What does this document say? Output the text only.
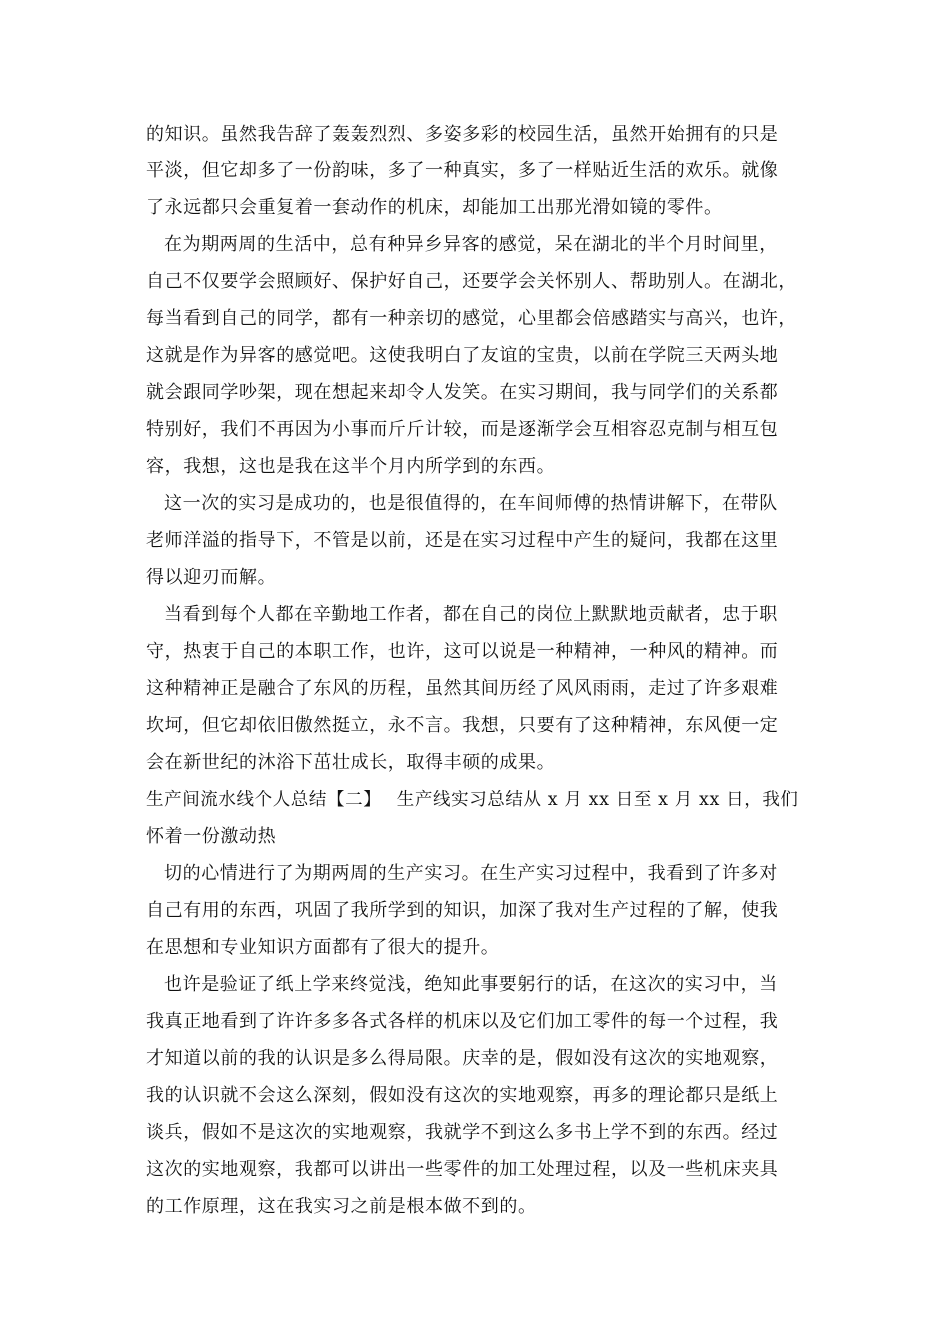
的知识。虽然我告辞了轰轰烈烈、多姿多彩的校园生活，虽然开始拥有的只是
平淡，但它却多了一份韵味，多了一种真实，多了一样贴近生活的欢乐。就像
了永远都只会重复着一套动作的机床，却能加工出那光滑如镜的零件。
在为期两周的生活中，总有种异乡异客的感觉，呆在湖北的半个月时间里，
自己不仅要学会照顾好、保护好自己，还要学会关怀别人、帮助别人。在湖北，
每当看到自己的同学，都有一种亲切的感觉，心里都会倍感踏实与高兴，也许，
这就是作为异客的感觉吧。这使我明白了友谊的宝贵，以前在学院三天两头地
就会跟同学吵架，现在想起来却令人发笑。在实习期间，我与同学们的关系都
特别好，我们不再因为小事而斤斤计较，而是逐渐学会互相容忍克制与相互包
容，我想，这也是我在这半个月内所学到的东西。
这一次的实习是成功的，也是很值得的，在车间师傅的热情讲解下，在带队
老师洋溢的指导下，不管是以前，还是在实习过程中产生的疑问，我都在这里
得以迎刃而解。
当看到每个人都在辛勤地工作者，都在自己的岗位上默默地贡献者，忠于职
守，热衷于自己的本职工作，也许，这可以说是一种精神，一种风的精神。而
这种精神正是融合了东风的历程，虽然其间历经了风风雨雨，走过了许多艰难
坎坷，但它却依旧傲然挺立，永不言。我想，只要有了这种精神，东风便一定
会在新世纪的沐浴下茁壮成长，取得丰硕的成果。
生产间流水线个人总结【二】　 生产线实习总结从 x 月 xx 日至 x 月 xx 日，我们
怀着一份激动热
切的心情进行了为期两周的生产实习。在生产实习过程中，我看到了许多对
自己有用的东西，巩固了我所学到的知识，加深了我对生产过程的了解，使我
在思想和专业知识方面都有了很大的提升。
也许是验证了纸上学来终觉浅，绝知此事要躬行的话，在这次的实习中，当
我真正地看到了许许多多各式各样的机床以及它们加工零件的每一个过程，我
才知道以前的我的认识是多么得局限。庆幸的是，假如没有这次的实地观察，
我的认识就不会这么深刻，假如没有这次的实地观察，再多的理论都只是纸上
谈兵，假如不是这次的实地观察，我就学不到这么多书上学不到的东西。经过
这次的实地观察，我都可以讲出一些零件的加工处理过程，以及一些机床夹具
的工作原理，这在我实习之前是根本做不到的。
